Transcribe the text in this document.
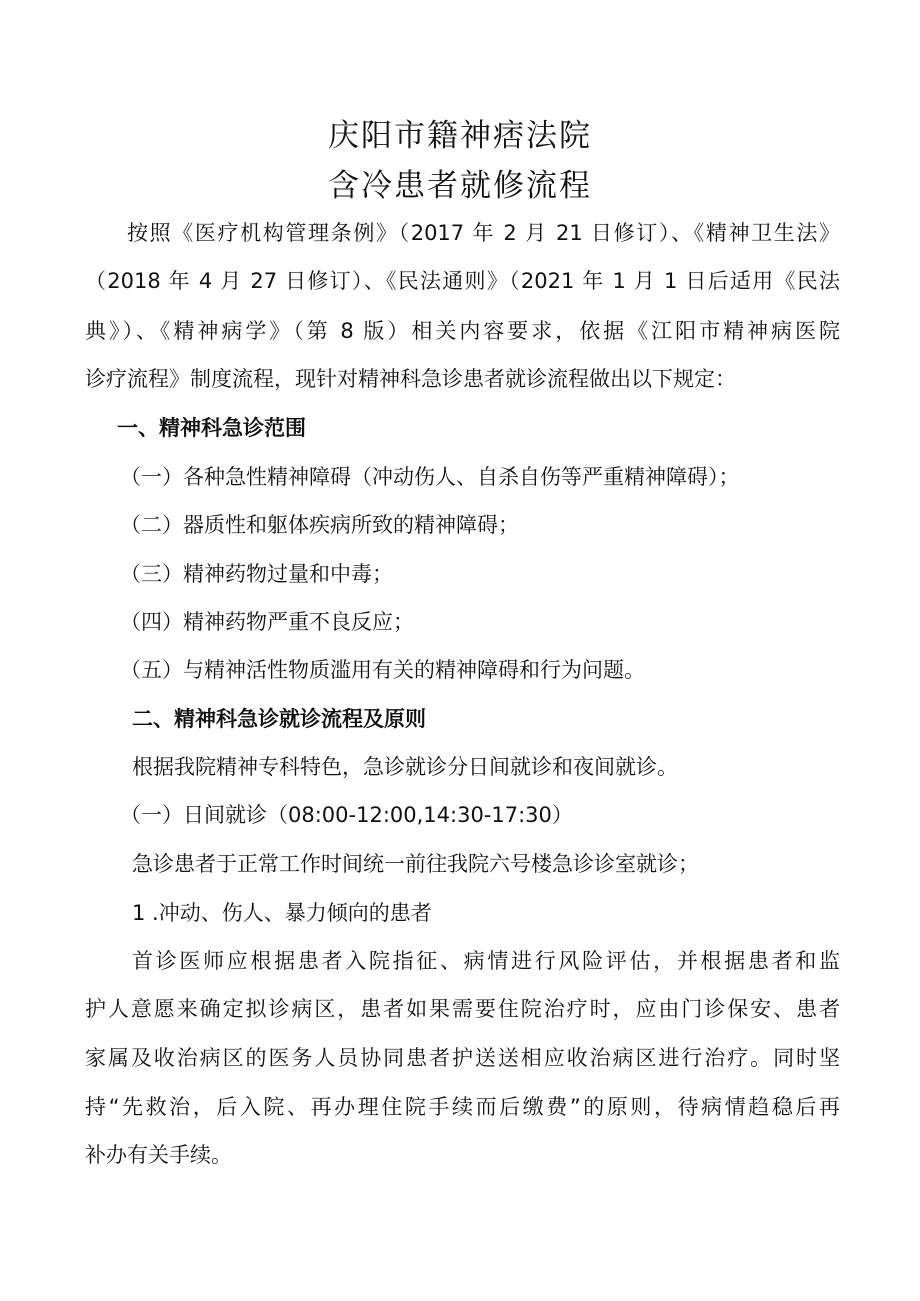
庆阳市籍神痞法院
含冷患者就修流程
按照《医疗机构管理条例》（2017 年 2 月 21 日修订）、《精神卫生法》
（2018 年 4 月 27 日修订）、《民法通则》（2021 年 1 月 1 日后适用《民法
典》）、《精神病学》（第 8 版）相关内容要求，依据《江阳市精神病医院
诊疗流程》制度流程，现针对精神科急诊患者就诊流程做出以下规定：
一、精神科急诊范围
（一）各种急性精神障碍（冲动伤人、自杀自伤等严重精神障碍）；
（二）器质性和躯体疾病所致的精神障碍；
（三）精神药物过量和中毒；
（四）精神药物严重不良反应；
（五）与精神活性物质滥用有关的精神障碍和行为问题。
二、精神科急诊就诊流程及原则
根据我院精神专科特色，急诊就诊分日间就诊和夜间就诊。
（一）日间就诊（08:00-12:00,14:30-17:30）
急诊患者于正常工作时间统一前往我院六号楼急诊诊室就诊；
1 .冲动、伤人、暴力倾向的患者
首诊医师应根据患者入院指征、病情进行风险评估，并根据患者和监
护人意愿来确定拟诊病区，患者如果需要住院治疗时，应由门诊保安、患者
家属及收治病区的医务人员协同患者护送送相应收治病区进行治疗。同时坚
持“先救治，后入院、再办理住院手续而后缴费”的原则，待病情趋稳后再
补办有关手续。
